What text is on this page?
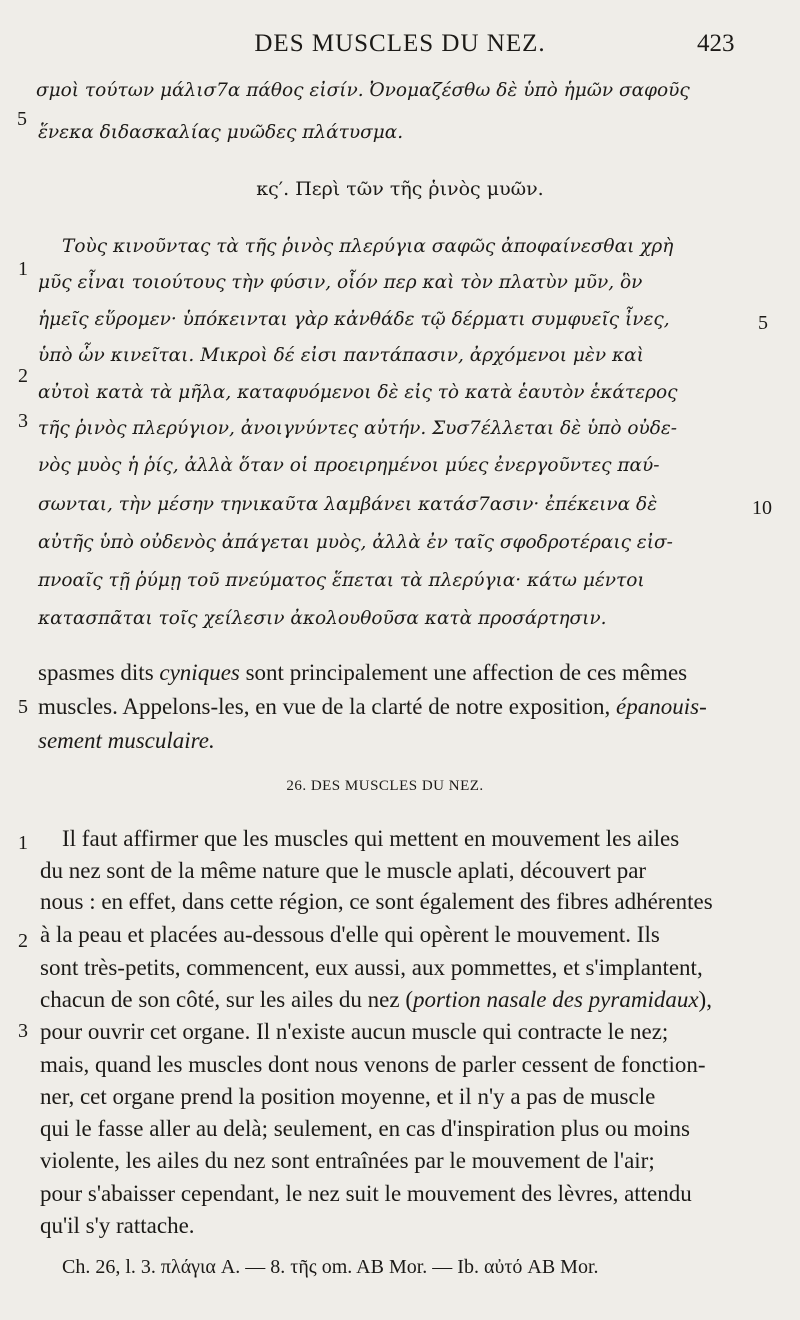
DES MUSCLES DU NEZ.	423
5
σμοὶ τούτων μάλισ7α πάθος εἰσίν. Ὀνομαζέσθω δὲ ὑπὸ ἡμῶν σαφοῦς
ἕνεκα διδασκαλίας μυῶδες πλάτυσμα.
κς′. Περὶ τῶν τῆς ῥινὸς μυῶν.
1
2
3
5
10
Τοὺς κινοῦντας τὰ τῆς ῥινὸς πλερύγια σαφῶς ἀποφαίνεσθαι χρὴ
μῦς εἶναι τοιούτους τὴν φύσιν, οἷόν περ καὶ τὸν πλατὺν μῦν, ὃν
ἡμεῖς εὕρομεν· ὑπόκεινται γὰρ κἀνθάδε τῷ δέρματι συμφυεῖς ἶνες,
ὑπὸ ὧν κινεῖται. Μικροὶ δέ εἰσι παντάπασιν, ἀρχόμενοι μὲν καὶ
αὐτοὶ κατὰ τὰ μῆλα, καταφυόμενοι δὲ εἰς τὸ κατὰ ἑαυτὸν ἑκάτερος
τῆς ῥινὸς πλερύγιον, ἀνοιγνύντες αὐτήν. Συσ7έλλεται δὲ ὑπὸ οὐδε-
νὸς μυὸς ἡ ῥίς, ἀλλὰ ὅταν οἱ προειρημένοι μύες ἐνεργοῦντες παύ-
σωνται, τὴν μέσην τηνικαῦτα λαμβάνει κατάσ7ασιν· ἐπέκεινα δὲ
αὐτῆς ὑπὸ οὐδενὸς ἀπάγεται μυὸς, ἀλλὰ ἐν ταῖς σφοδροτέραις εἰσ-
πνοαῖς τῇ ῥύμῃ τοῦ πνεύματος ἕπεται τὰ πλερύγια· κάτω μέντοι
κατασπᾶται τοῖς χείλεσιν ἀκολουθοῦσα κατὰ προσάρτησιν.
spasmes dits cyniques sont principalement une affection de ces mêmes
5 muscles. Appelons-les, en vue de la clarté de notre exposition, épanouis-
sement musculaire.
26. DES MUSCLES DU NEZ.
1
2
3
Il faut affirmer que les muscles qui mettent en mouvement les ailes
du nez sont de la même nature que le muscle aplati, découvert par
nous : en effet, dans cette région, ce sont également des fibres adhérentes
à la peau et placées au-dessous d'elle qui opèrent le mouvement. Ils
sont très-petits, commencent, eux aussi, aux pommettes, et s'implantent,
chacun de son côté, sur les ailes du nez (portion nasale des pyramidaux),
pour ouvrir cet organe. Il n'existe aucun muscle qui contracte le nez;
mais, quand les muscles dont nous venons de parler cessent de fonction-
ner, cet organe prend la position moyenne, et il n'y a pas de muscle
qui le fasse aller au delà; seulement, en cas d'inspiration plus ou moins
violente, les ailes du nez sont entraînées par le mouvement de l'air;
pour s'abaisser cependant, le nez suit le mouvement des lèvres, attendu
qu'il s'y rattache.
Ch. 26, l. 3. πλάγια A. — 8. τῆς om. AB Mor. — Ib. αὐτό AB Mor.
